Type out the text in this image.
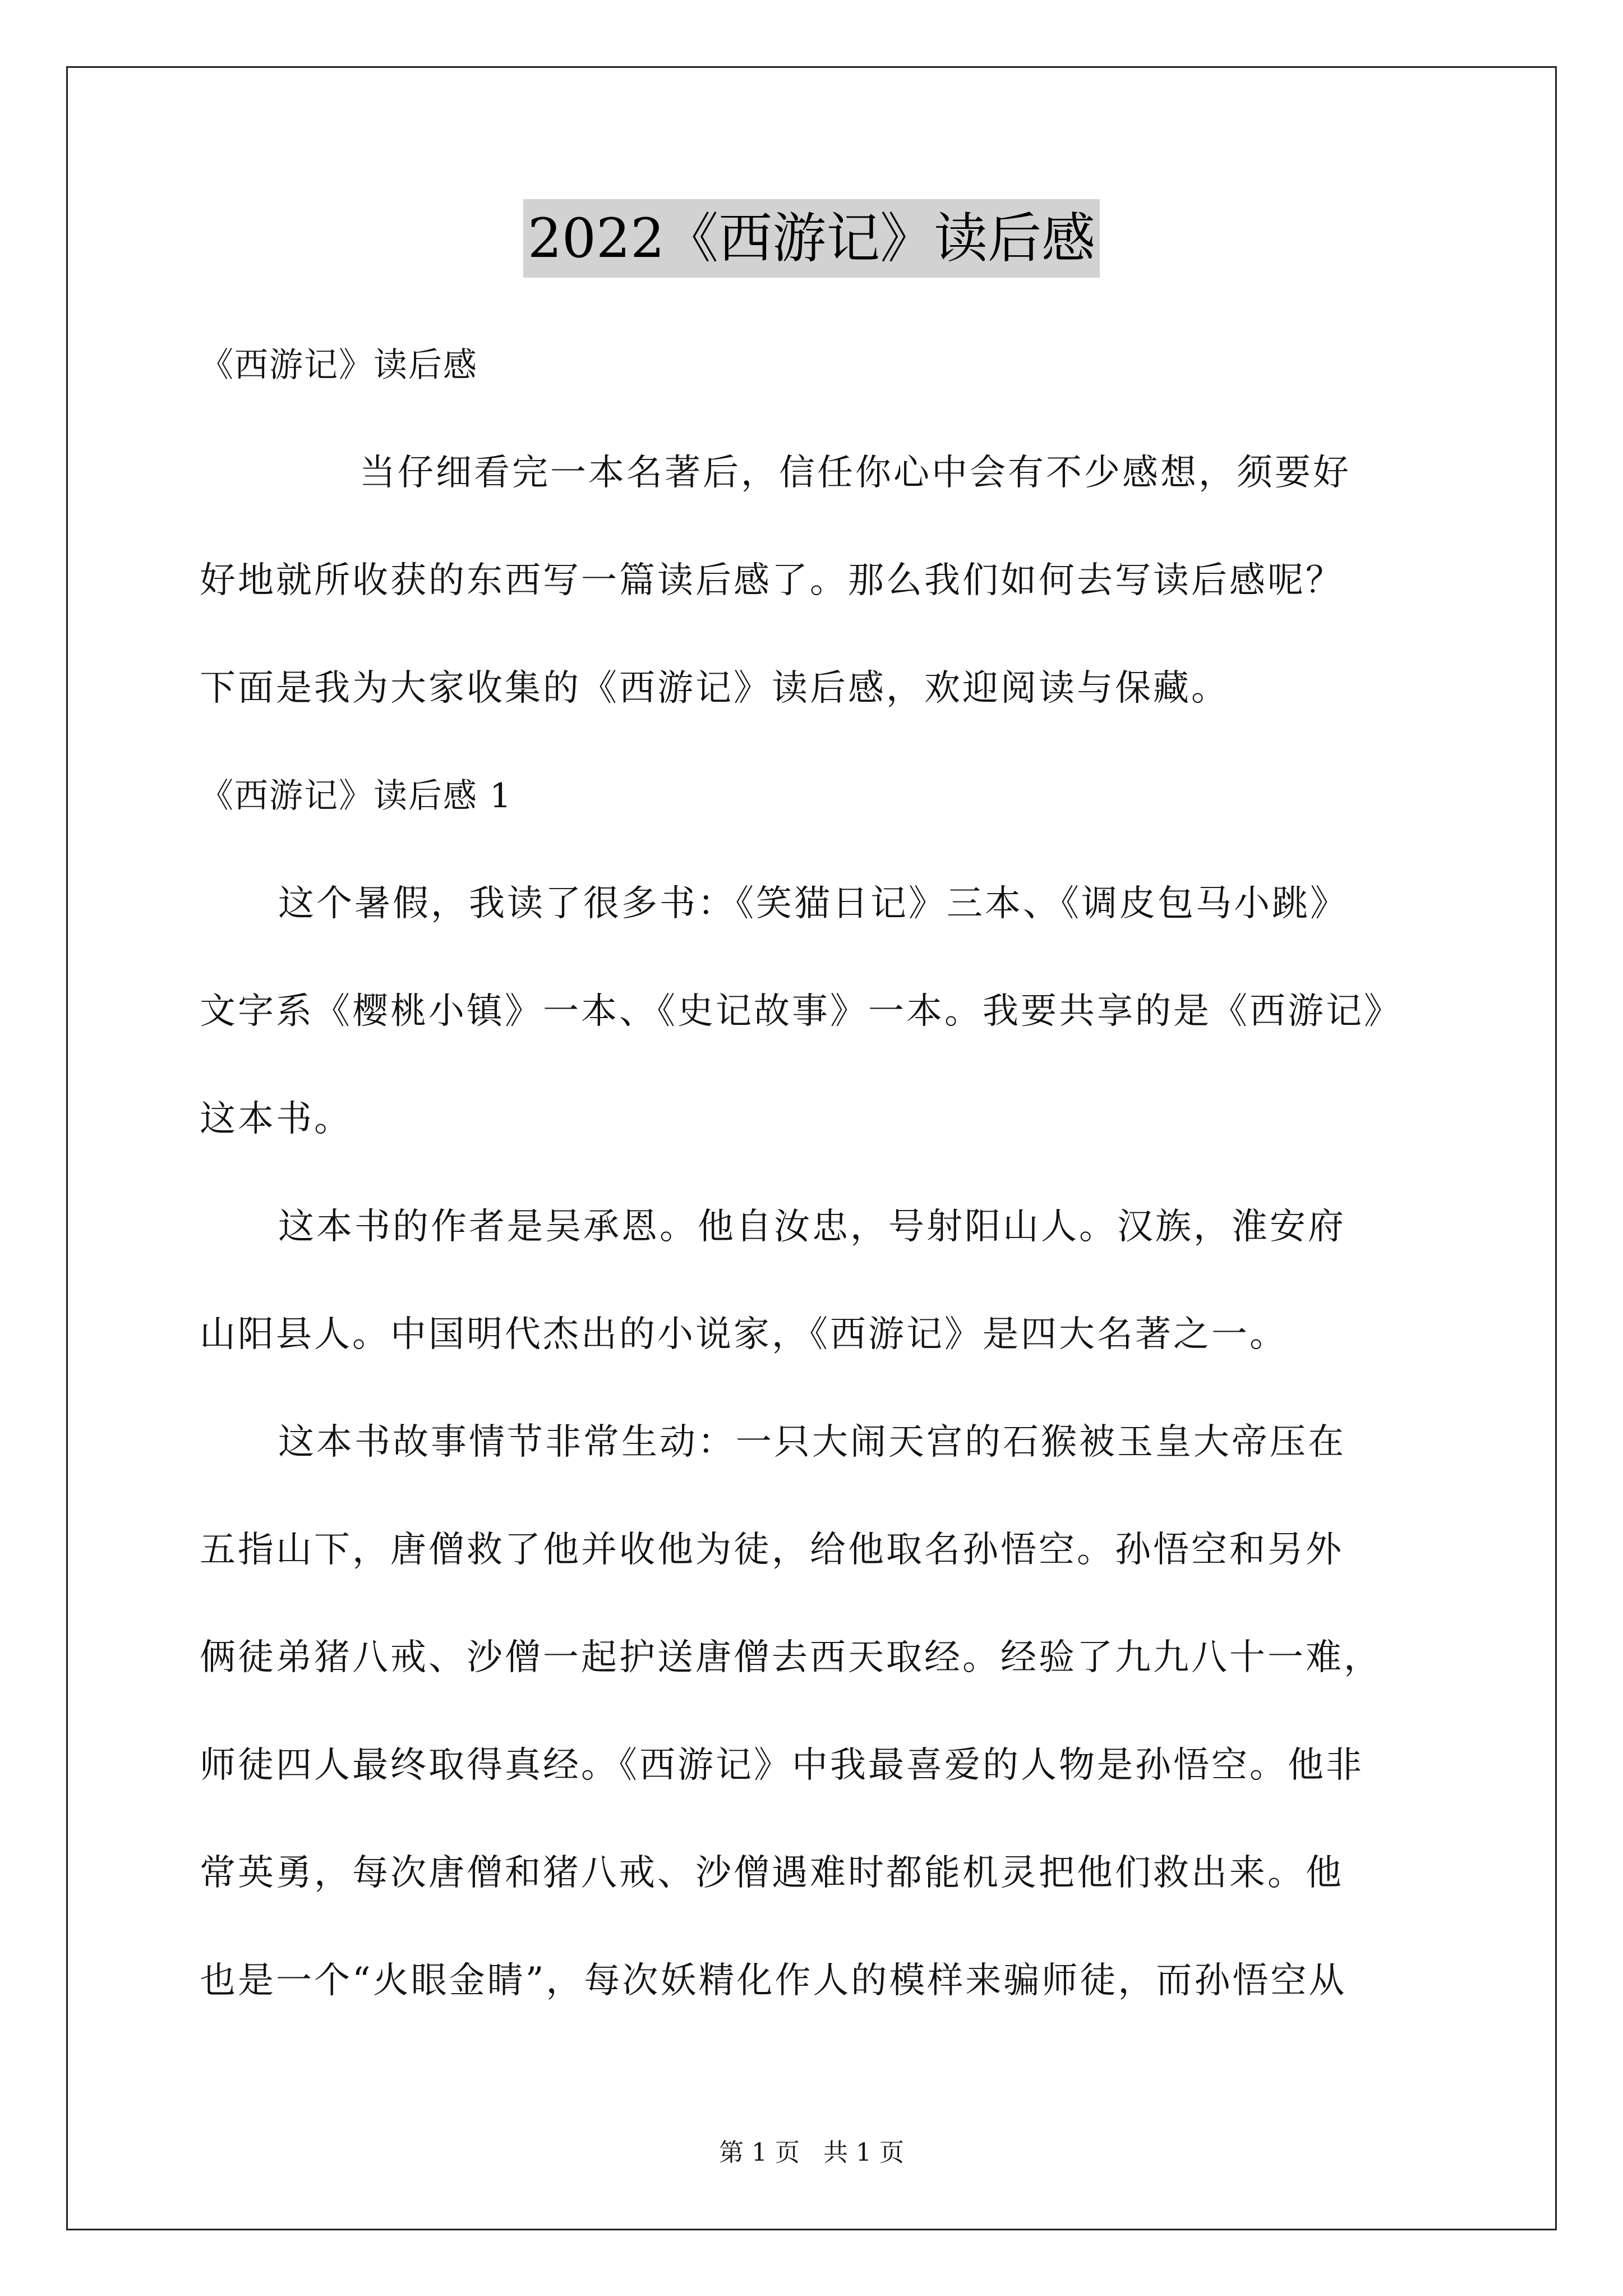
2022《西游记》读后感
《西游记》读后感
当仔细看完一本名著后，信任你心中会有不少感想，须要好
好地就所收获的东西写一篇读后感了。那么我们如何去写读后感呢？
下面是我为大家收集的《西游记》读后感，欢迎阅读与保藏。
《西游记》读后感 1
这个暑假，我读了很多书：《笑猫日记》三本、《调皮包马小跳》
文字系《樱桃小镇》一本、《史记故事》一本。我要共享的是《西游记》
这本书。
这本书的作者是吴承恩。他自汝忠，号射阳山人。汉族，淮安府
山阳县人。中国明代杰出的小说家，《西游记》是四大名著之一。
这本书故事情节非常生动：一只大闹天宫的石猴被玉皇大帝压在
五指山下，唐僧救了他并收他为徒，给他取名孙悟空。孙悟空和另外
俩徒弟猪八戒、沙僧一起护送唐僧去西天取经。经验了九九八十一难，
师徒四人最终取得真经。《西游记》中我最喜爱的人物是孙悟空。他非
常英勇，每次唐僧和猪八戒、沙僧遇难时都能机灵把他们救出来。他
也是一个“火眼金睛”，每次妖精化作人的模样来骗师徒，而孙悟空从
第 1 页 共 1 页
